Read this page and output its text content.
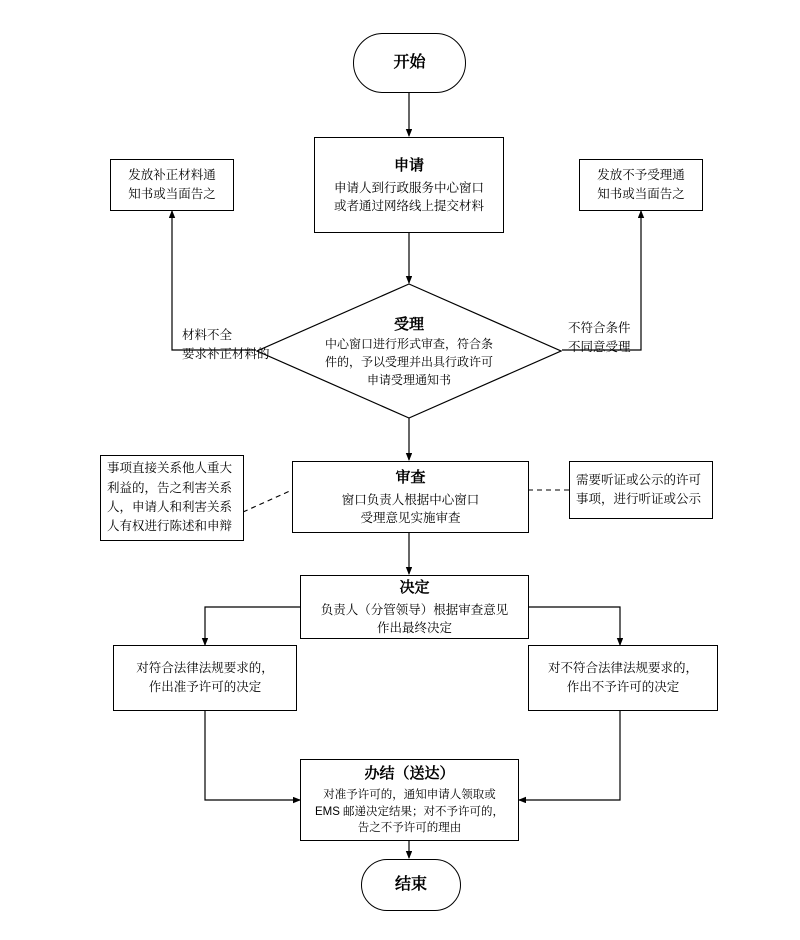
开始
申请
申请人到行政服务中心窗口
或者通过网络线上提交材料
发放补正材料通
知书或当面告之
发放不予受理通
知书或当面告之
受理
中心窗口进行形式审查，符合条
件的，予以受理并出具行政许可
申请受理通知书

材料不全
要求补正材料的

不符合条件
不同意受理

审查
窗口负责人根据中心窗口
受理意见实施审查
事项直接关系他人重大
利益的，告之利害关系
人，申请人和利害关系
人有权进行陈述和申辩
需要听证或公示的许可
事项，进行听证或公示
决定
负责人（分管领导）根据审查意见
作出最终决定
对符合法律法规要求的，
作出准予许可的决定
对不符合法律法规要求的，
作出不予许可的决定
办结（送达）
对准予许可的，通知申请人领取或
EMS 邮递决定结果；对不予许可的，
告之不予许可的理由
结束
